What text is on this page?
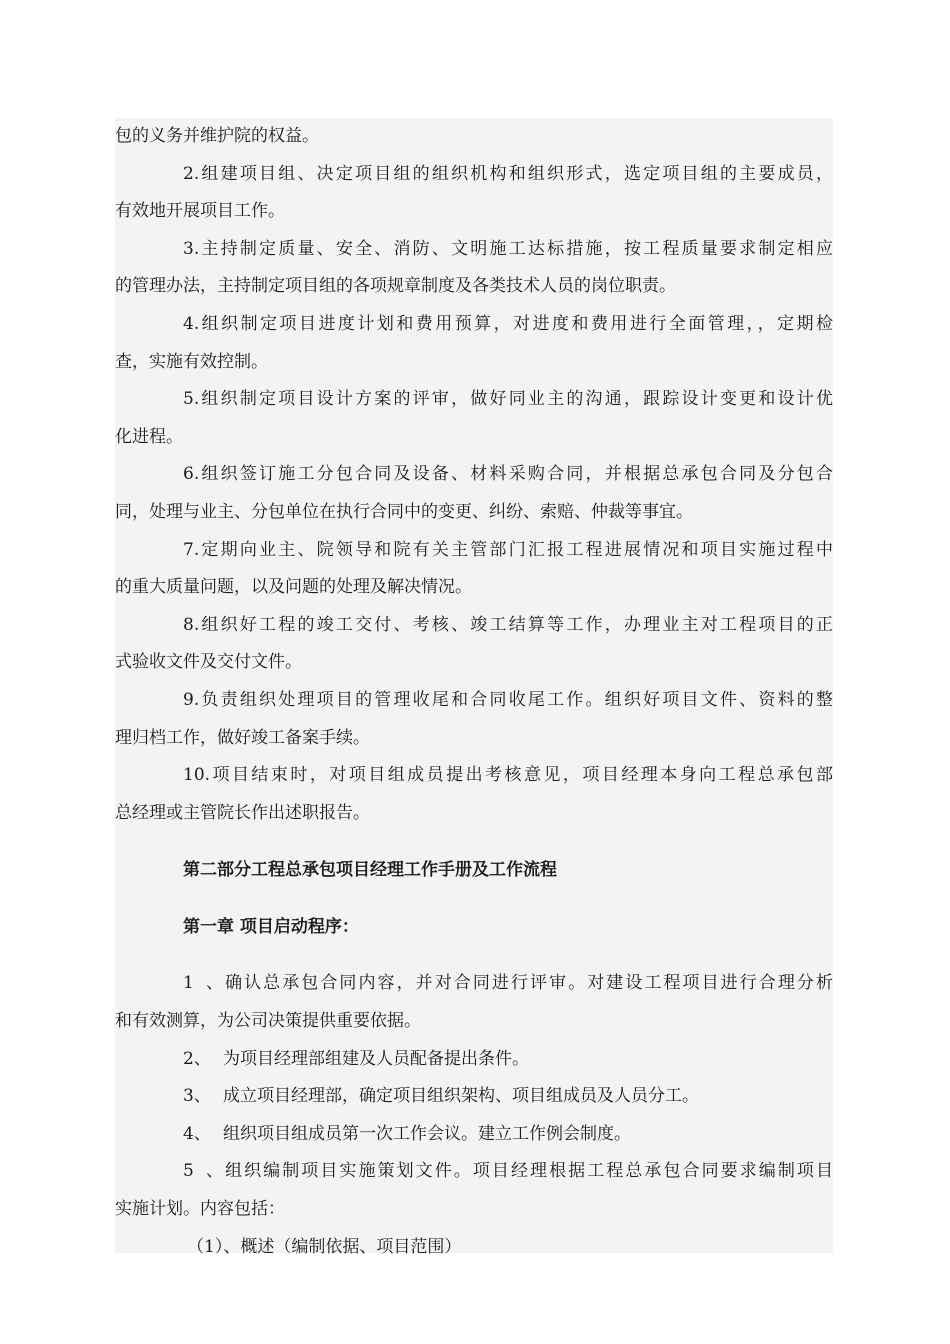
包的义务并维护院的权益。
2.组建项目组、决定项目组的组织机构和组织形式，选定项目组的主要成员，
有效地开展项目工作。
3.主持制定质量、安全、消防、文明施工达标措施，按工程质量要求制定相应
的管理办法，主持制定项目组的各项规章制度及各类技术人员的岗位职责。
4.组织制定项目进度计划和费用预算，对进度和费用进行全面管理，，定期检
查，实施有效控制。
5.组织制定项目设计方案的评审，做好同业主的沟通，跟踪设计变更和设计优
化进程。
6.组织签订施工分包合同及设备、材料采购合同，并根据总承包合同及分包合
同，处理与业主、分包单位在执行合同中的变更、纠纷、索赔、仲裁等事宜。
7.定期向业主、院领导和院有关主管部门汇报工程进展情况和项目实施过程中
的重大质量问题，以及问题的处理及解决情况。
8.组织好工程的竣工交付、考核、竣工结算等工作，办理业主对工程项目的正
式验收文件及交付文件。
9.负责组织处理项目的管理收尾和合同收尾工作。组织好项目文件、资料的整
理归档工作，做好竣工备案手续。
10.项目结束时，对项目组成员提出考核意见，项目经理本身向工程总承包部
总经理或主管院长作出述职报告。
第二部分工程总承包项目经理工作手册及工作流程
第一章 项目启动程序：
1、确认总承包合同内容，并对合同进行评审。对建设工程项目进行合理分析
和有效测算，为公司决策提供重要依据。
2、 为项目经理部组建及人员配备提出条件。
3、 成立项目经理部，确定项目组织架构、项目组成员及人员分工。
4、 组织项目组成员第一次工作会议。建立工作例会制度。
5、组织编制项目实施策划文件。项目经理根据工程总承包合同要求编制项目
实施计划。内容包括：
（1）、概述（编制依据、项目范围）
